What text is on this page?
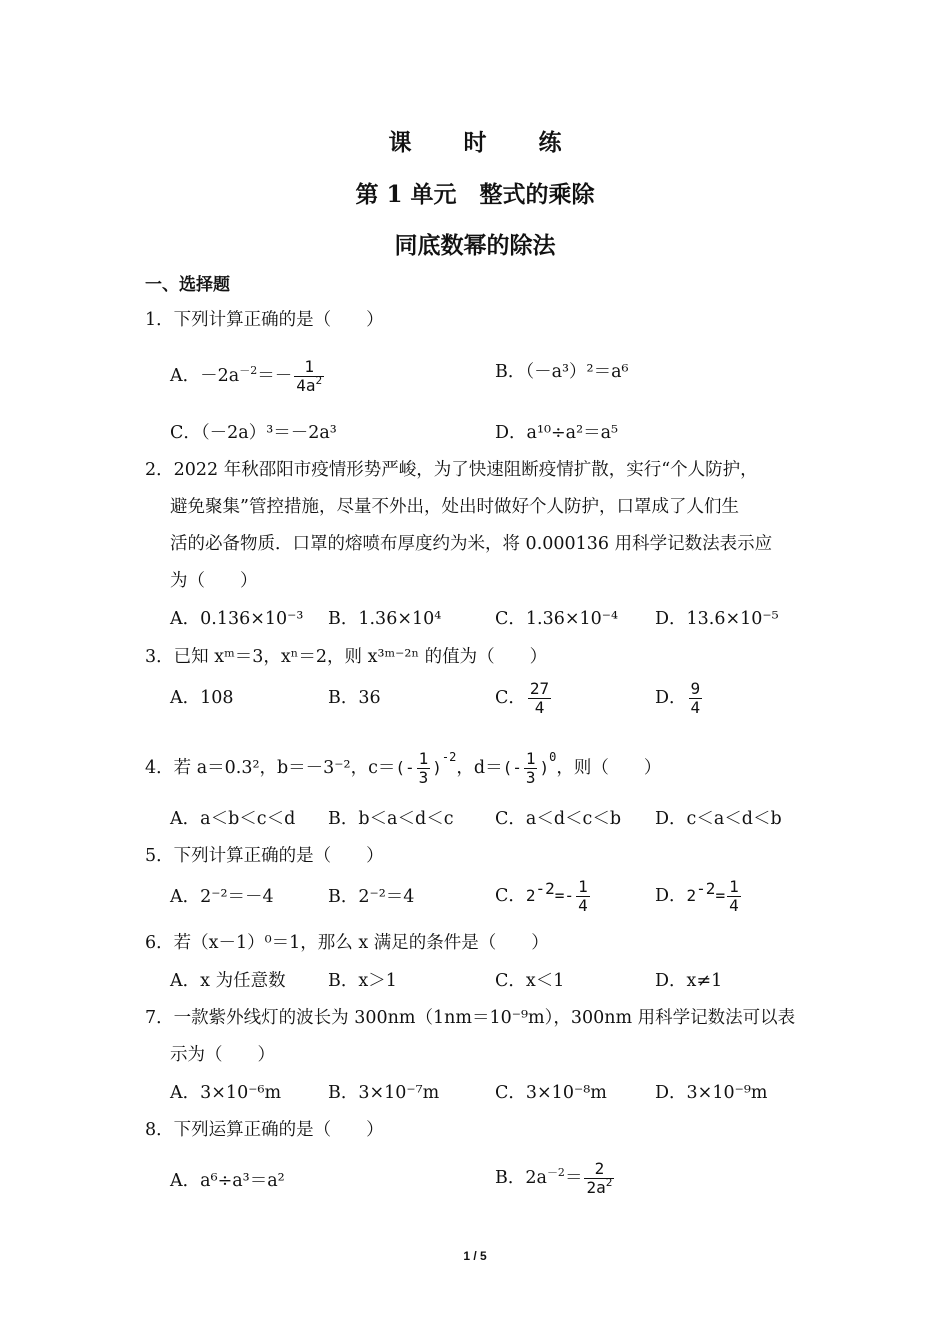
课 时 练
第 1 单元　整式的乘除
同底数幂的除法
一、选择题
1．下列计算正确的是（　　）
A．$-2a^{-2}=- \frac{1}{4a^2}$	B．（－a³）²＝a⁶
C．（－2a）³＝－2a³	D．a¹⁰÷a²＝a⁵
2．2022 年秋邵阳市疫情形势严峻，为了快速阻断疫情扩散，实行“个人防护，
避免聚集”管控措施，尽量不外出，处出时做好个人防护，口罩成了人们生
活的必备物质．口罩的熔喷布厚度约为米，将 0.000136 用科学记数法表示应
为（　　）
A．0.136×10⁻³ B．1.36×10⁴	C．1.36×10⁻⁴ D．13.6×10⁻⁵
3．已知 xᵐ＝3，xⁿ＝2，则 x³ᵐ⁻²ⁿ 的值为（　　）
A．108	B．36	C． $\frac{27}{4}$	D． $\frac{9}{4}$
4．若 a＝0.3²，b＝－3⁻²，$c=(- \frac{1}{3} )^{-2}$，$d=(- \frac{1}{3} )^0$，则（　　）
A．a＜b＜c＜d B．b＜a＜d＜c C．a＜d＜c＜b D．c＜a＜d＜b
5．下列计算正确的是（　　）
A．2⁻²＝－4	B．2⁻²＝4	C．$2^{-2}=- \frac{1}{4}$	D．$2^{-2}= \frac{1}{4}$
6．若（x－1）⁰＝1，那么 x 满足的条件是（　　）
A．x 为任意数 B．x＞1	C．x＜1	D．x≠1
7．一款紫外线灯的波长为 300nm（1nm＝10⁻⁹m），300nm 用科学记数法可以表
示为（　　）
A．3×10⁻⁶m	B．3×10⁻⁷m	C．3×10⁻⁸m	D．3×10⁻⁹m
8．下列运算正确的是（　　）
A．a⁶÷a³＝a²	B．$2a^{-2}= \frac{2}{2a^2}$
1 / 5
